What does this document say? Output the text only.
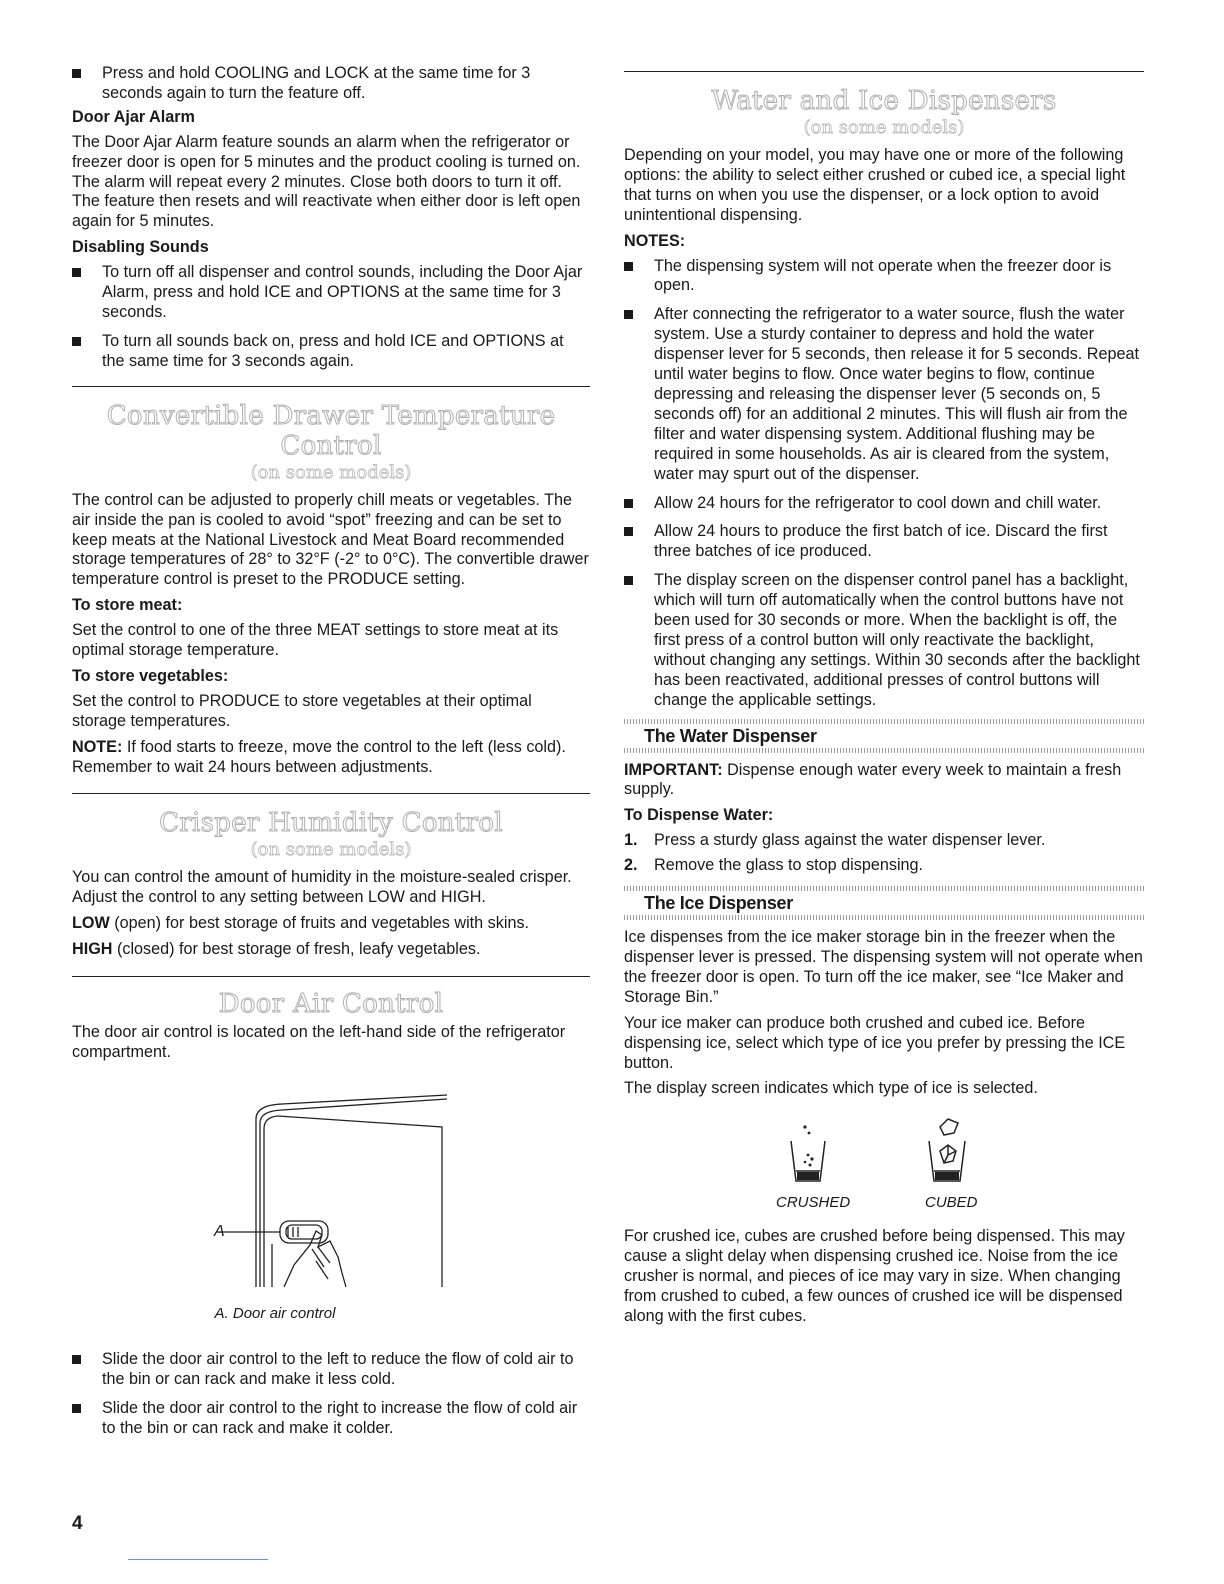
Press and hold COOLING and LOCK at the same time for 3 seconds again to turn the feature off.
Door Ajar Alarm

The Door Ajar Alarm feature sounds an alarm when the refrigerator or freezer door is open for 5 minutes and the product cooling is turned on. The alarm will repeat every 2 minutes. Close both doors to turn it off. The feature then resets and will reactivate when either door is left open again for 5 minutes.

Disabling Sounds
To turn off all dispenser and control sounds, including the Door Ajar Alarm, press and hold ICE and OPTIONS at the same time for 3 seconds.
To turn all sounds back on, press and hold ICE and OPTIONS at the same time for 3 seconds again.
Convertible Drawer Temperature Control
(on some models)

The control can be adjusted to properly chill meats or vegetables. The air inside the pan is cooled to avoid “spot” freezing and can be set to keep meats at the National Livestock and Meat Board recommended storage temperatures of 28° to 32°F (-2° to 0°C). The convertible drawer temperature control is preset to the PRODUCE setting.

To store meat:

Set the control to one of the three MEAT settings to store meat at its optimal storage temperature.

To store vegetables:

Set the control to PRODUCE to store vegetables at their optimal storage temperatures.

NOTE: If food starts to freeze, move the control to the left (less cold). Remember to wait 24 hours between adjustments.

Crisper Humidity Control
(on some models)

You can control the amount of humidity in the moisture-sealed crisper. Adjust the control to any setting between LOW and HIGH.

LOW (open) for best storage of fruits and vegetables with skins.

HIGH (closed) for best storage of fresh, leafy vegetables.

Door Air Control

The door air control is located on the left-hand side of the refrigerator compartment.

A
A. Door air control
Slide the door air control to the left to reduce the flow of cold air to the bin or can rack and make it less cold.
Slide the door air control to the right to increase the flow of cold air to the bin or can rack and make it colder.
Water and Ice Dispensers
(on some models)

Depending on your model, you may have one or more of the following options: the ability to select either crushed or cubed ice, a special light that turns on when you use the dispenser, or a lock option to avoid unintentional dispensing.

NOTES:
The dispensing system will not operate when the freezer door is open.
After connecting the refrigerator to a water source, flush the water system. Use a sturdy container to depress and hold the water dispenser lever for 5 seconds, then release it for 5 seconds. Repeat until water begins to flow. Once water begins to flow, continue depressing and releasing the dispenser lever (5 seconds on, 5 seconds off) for an additional 2 minutes. This will flush air from the filter and water dispensing system. Additional flushing may be required in some households. As air is cleared from the system, water may spurt out of the dispenser.
Allow 24 hours for the refrigerator to cool down and chill water.
Allow 24 hours to produce the first batch of ice. Discard the first three batches of ice produced.
The display screen on the dispenser control panel has a backlight, which will turn off automatically when the control buttons have not been used for 30 seconds or more. When the backlight is off, the first press of a control button will only reactivate the backlight, without changing any settings. Within 30 seconds after the backlight has been reactivated, additional presses of control buttons will change the applicable settings.
The Water Dispenser

IMPORTANT: Dispense enough water every week to maintain a fresh supply.

To Dispense Water:
1. Press a sturdy glass against the water dispenser lever.
2. Remove the glass to stop dispensing.
The Ice Dispenser

Ice dispenses from the ice maker storage bin in the freezer when the dispenser lever is pressed. The dispensing system will not operate when the freezer door is open. To turn off the ice maker, see “Ice Maker and Storage Bin.”

Your ice maker can produce both crushed and cubed ice. Before dispensing ice, select which type of ice you prefer by pressing the ICE button.

The display screen indicates which type of ice is selected.

CRUSHED	CUBED

For crushed ice, cubes are crushed before being dispensed. This may cause a slight delay when dispensing crushed ice. Noise from the ice crusher is normal, and pieces of ice may vary in size. When changing from crushed to cubed, a few ounces of crushed ice will be dispensed along with the first cubes.

4
